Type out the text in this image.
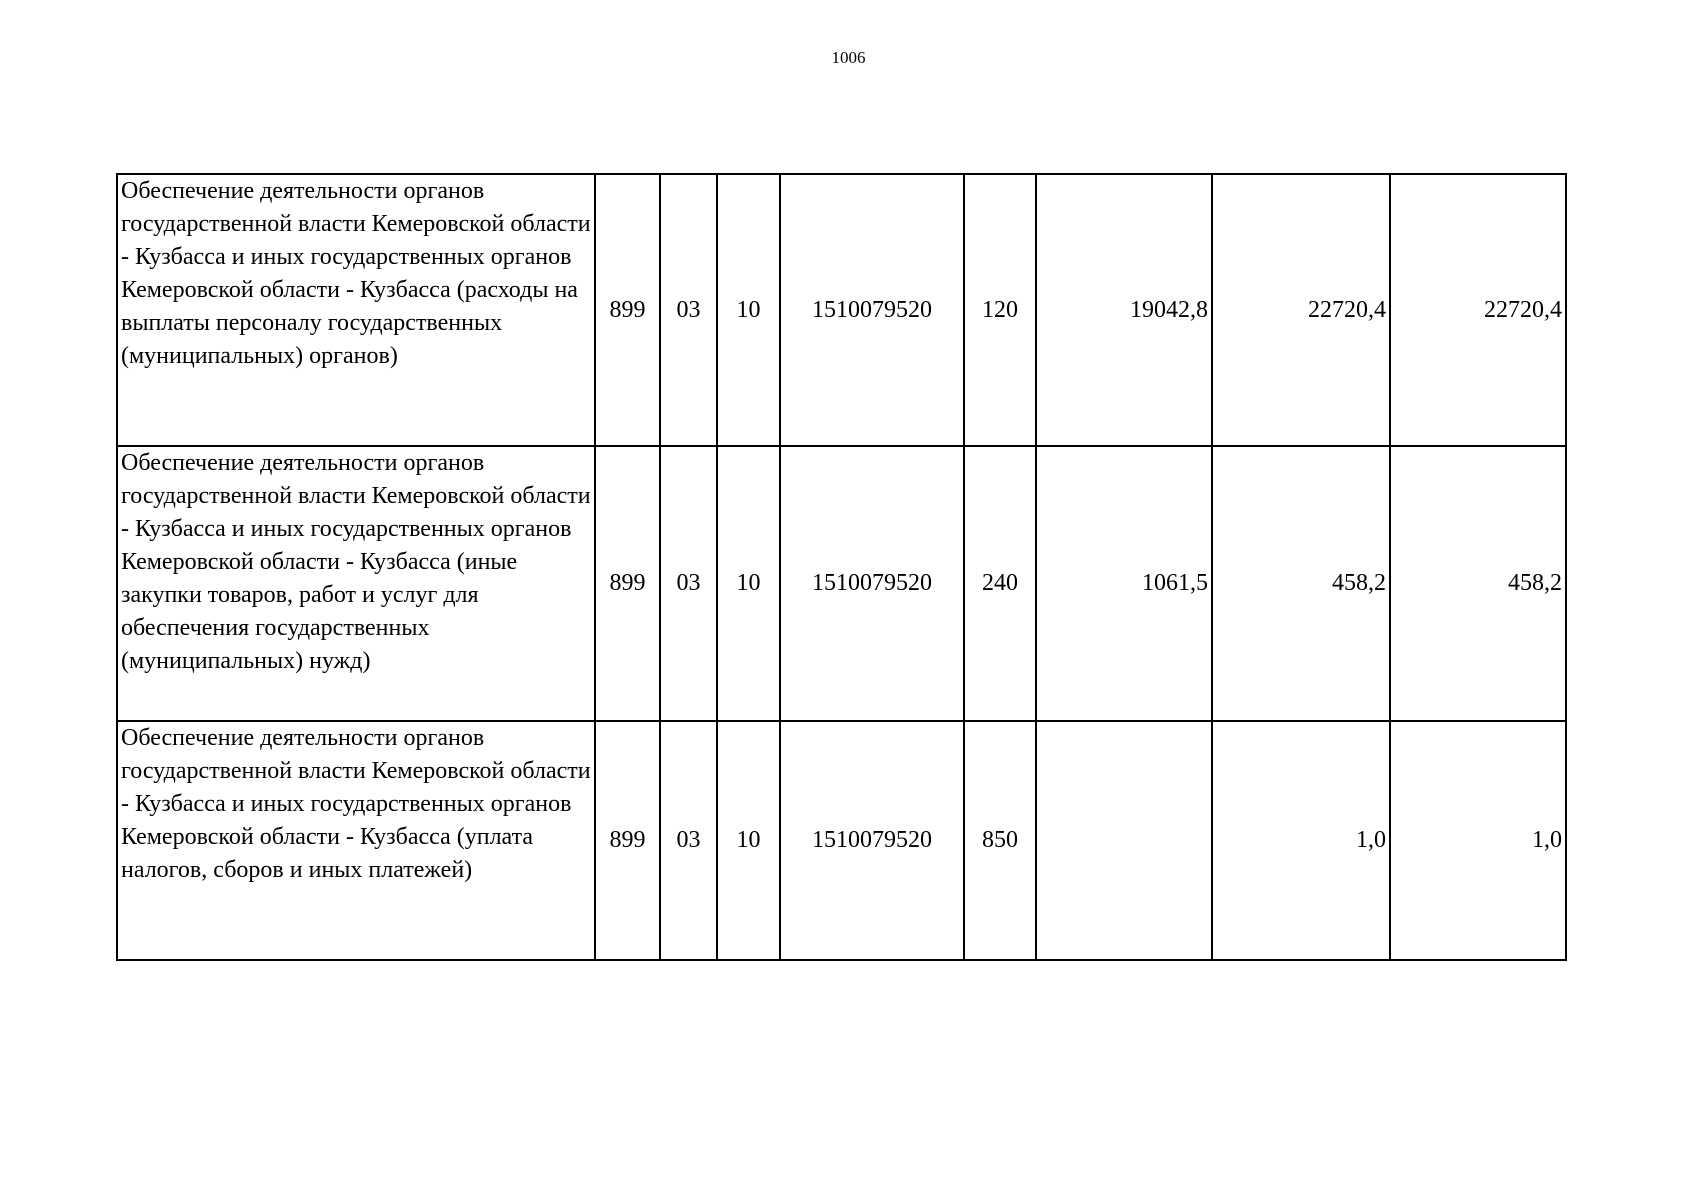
1006
Обеспечение деятельности органов государственной власти Кемеровской области - Кузбасса и иных государственных органов Кемеровской области - Кузбасса (расходы на выплаты персоналу государственных (муниципальных) органов)	899	03	10	1510079520	120	19042,8	22720,4	22720,4
Обеспечение деятельности органов государственной власти Кемеровской области - Кузбасса и иных государственных органов Кемеровской области - Кузбасса (иные закупки товаров, работ и услуг для обеспечения государственных (муниципальных) нужд)	899	03	10	1510079520	240	1061,5	458,2	458,2
Обеспечение деятельности органов государственной власти Кемеровской области - Кузбасса и иных государственных органов Кемеровской области - Кузбасса (уплата налогов, сборов и иных платежей)	899	03	10	1510079520	850		1,0	1,0
